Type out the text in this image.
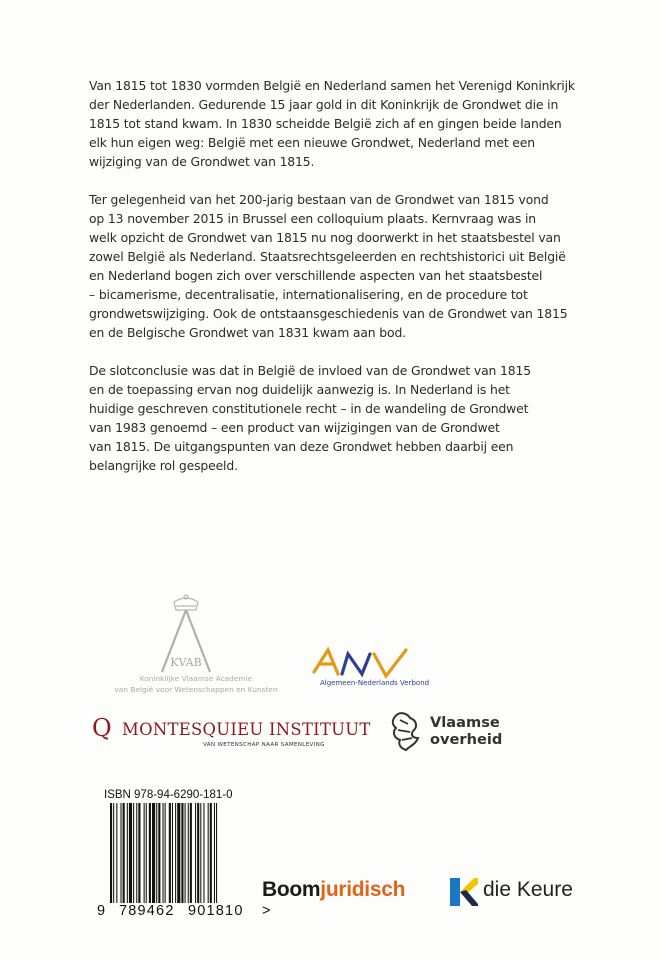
Van 1815 tot 1830 vormden België en Nederland samen het Verenigd Koninkrijk
der Nederlanden. Gedurende 15 jaar gold in dit Koninkrijk de Grondwet die in
1815 tot stand kwam. In 1830 scheidde België zich af en gingen beide landen
elk hun eigen weg: België met een nieuwe Grondwet, Nederland met een
wijziging van de Grondwet van 1815.

Ter gelegenheid van het 200-jarig bestaan van de Grondwet van 1815 vond
op 13 november 2015 in Brussel een colloquium plaats. Kernvraag was in
welk opzicht de Grondwet van 1815 nu nog doorwerkt in het staatsbestel van
zowel België als Nederland. Staatsrechtsgeleerden en rechtshistorici uit België
en Nederland bogen zich over verschillende aspecten van het staatsbestel
– bicamerisme, decentralisatie, internationalisering, en de procedure tot
grondwetswijziging. Ook de ontstaansgeschiedenis van de Grondwet van 1815
en de Belgische Grondwet van 1831 kwam aan bod.

De slotconclusie was dat in België de invloed van de Grondwet van 1815
en de toepassing ervan nog duidelijk aanwezig is. In Nederland is het
huidige geschreven constitutionele recht – in de wandeling de Grondwet
van 1983 genoemd – een product van wijzigingen van de Grondwet
van 1815. De uitgangspunten van deze Grondwet hebben daarbij een
belangrijke rol gespeeld.

KVAB
Koninklijke Vlaamse Academie
van België voor Wetenschappen en Kunsten
Algemeen-Nederlands Verbond
Q MONTESQUIEU INSTITUUT
VAN WETENSCHAP NAAR SAMENLEVING
Vlaamse
overheid
ISBN 978-94-6290-181-0
9 789462 901810 >
Boomjuridisch	die Keure
